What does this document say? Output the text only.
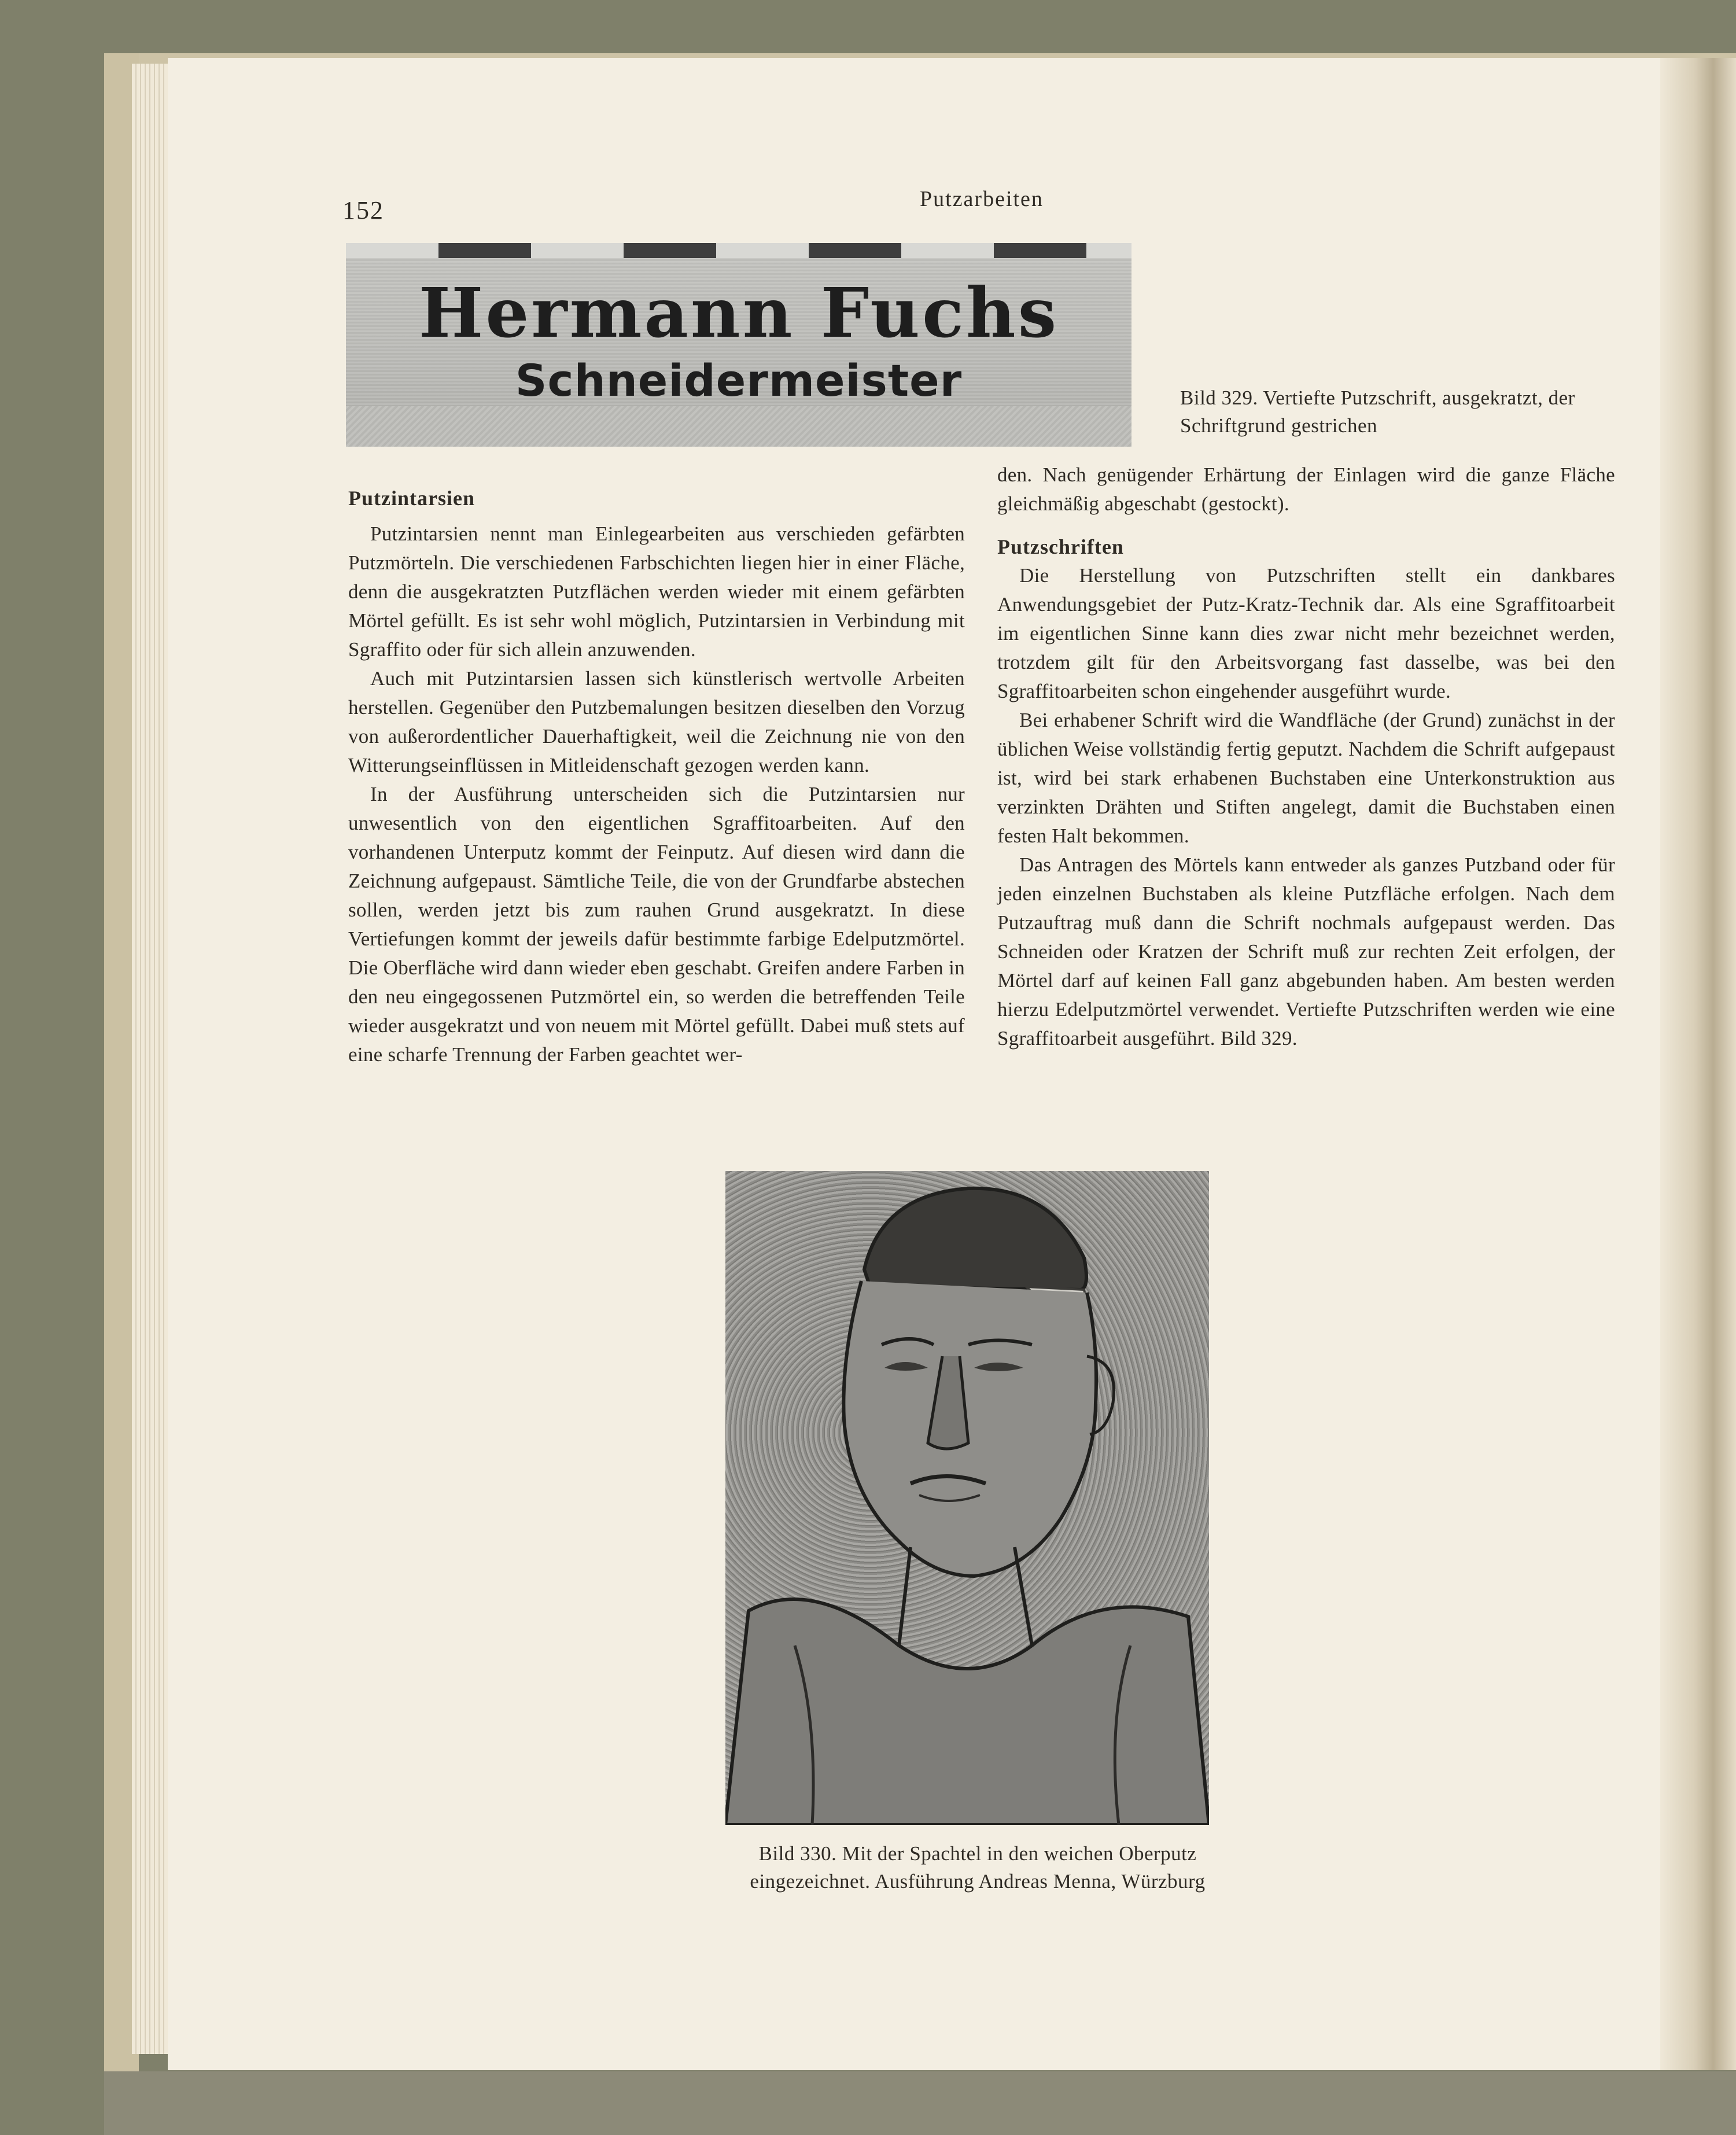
152	Putzarbeiten
Hermann Fuchs
Schneidermeister	Bild 329. Vertiefte Putzschrift, ausgekratzt, der Schriftgrund gestrichen
Putzintarsien

Putzintarsien nennt man Einlegearbeiten aus verschieden gefärbten Putzmörteln. Die verschiedenen Farbschichten liegen hier in einer Fläche, denn die ausgekratzten Putzflächen werden wieder mit einem gefärbten Mörtel gefüllt. Es ist sehr wohl möglich, Putzintarsien in Verbindung mit Sgraffito oder für sich allein anzuwenden.

Auch mit Putzintarsien lassen sich künstlerisch wertvolle Arbeiten herstellen. Gegenüber den Putzbemalungen besitzen dieselben den Vorzug von außerordentlicher Dauerhaftigkeit, weil die Zeichnung nie von den Witterungseinflüssen in Mitleidenschaft gezogen werden kann.

In der Ausführung unterscheiden sich die Putzintarsien nur unwesentlich von den eigentlichen Sgraffitoarbeiten. Auf den vorhandenen Unterputz kommt der Feinputz. Auf diesen wird dann die Zeichnung aufgepaust. Sämtliche Teile, die von der Grundfarbe abstechen sollen, werden jetzt bis zum rauhen Grund ausgekratzt. In diese Vertiefungen kommt der jeweils dafür bestimmte farbige Edelputzmörtel. Die Oberfläche wird dann wieder eben geschabt. Greifen andere Farben in den neu eingegossenen Putzmörtel ein, so werden die betreffenden Teile wieder ausgekratzt und von neuem mit Mörtel gefüllt. Dabei muß stets auf eine scharfe Trennung der Farben geachtet wer-

den. Nach genügender Erhärtung der Einlagen wird die ganze Fläche gleichmäßig abgeschabt (gestockt).

Putzschriften

Die Herstellung von Putzschriften stellt ein dankbares Anwendungsgebiet der Putz-Kratz-Technik dar. Als eine Sgraffitoarbeit im eigentlichen Sinne kann dies zwar nicht mehr bezeichnet werden, trotzdem gilt für den Arbeitsvorgang fast dasselbe, was bei den Sgraffitoarbeiten schon eingehender ausgeführt wurde.

Bei erhabener Schrift wird die Wandfläche (der Grund) zunächst in der üblichen Weise vollständig fertig geputzt. Nachdem die Schrift aufgepaust ist, wird bei stark erhabenen Buchstaben eine Unterkonstruktion aus verzinkten Drähten und Stiften angelegt, damit die Buchstaben einen festen Halt bekommen.

Das Antragen des Mörtels kann entweder als ganzes Putzband oder für jeden einzelnen Buchstaben als kleine Putzfläche erfolgen. Nach dem Putzauftrag muß dann die Schrift nochmals aufgepaust werden. Das Schneiden oder Kratzen der Schrift muß zur rechten Zeit erfolgen, der Mörtel darf auf keinen Fall ganz abgebunden haben. Am besten werden hierzu Edelputzmörtel verwendet. Vertiefte Putzschriften werden wie eine Sgraffitoarbeit ausgeführt. Bild 329.

Bild 330. Mit der Spachtel in den weichen Oberputz eingezeichnet. Ausführung Andreas Menna, Würzburg
